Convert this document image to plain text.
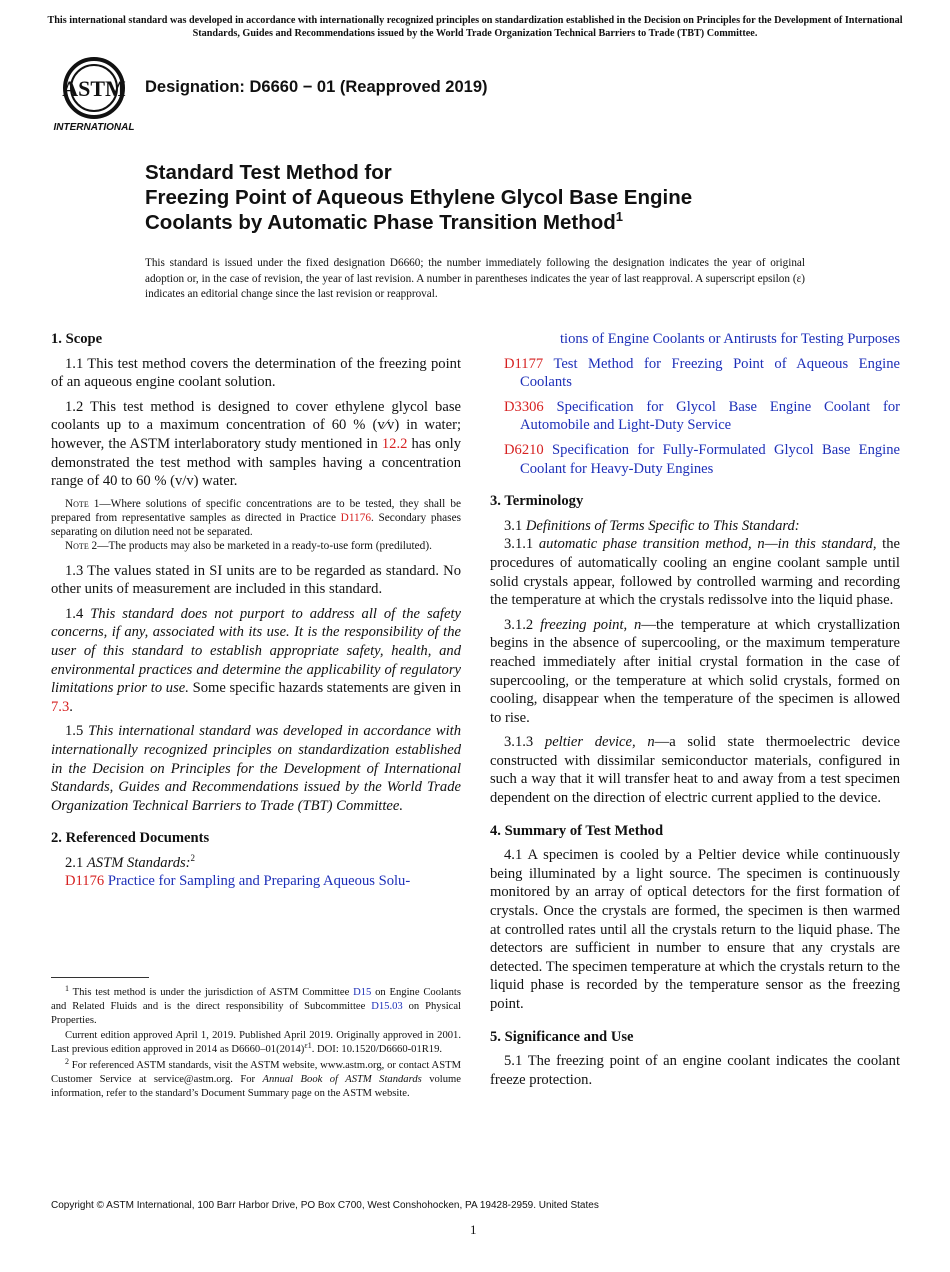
This international standard was developed in accordance with internationally recognized principles on standardization established in the Decision on Principles for the Development of International Standards, Guides and Recommendations issued by the World Trade Organization Technical Barriers to Trade (TBT) Committee.
ASTM
INTERNATIONAL
Designation: D6660 − 01 (Reapproved 2019)
Standard Test Method for
Freezing Point of Aqueous Ethylene Glycol Base Engine
Coolants by Automatic Phase Transition Method$^1$
This standard is issued under the fixed designation D6660; the number immediately following the designation indicates the year of original adoption or, in the case of revision, the year of last revision. A number in parentheses indicates the year of last reapproval. A superscript epsilon (ε) indicates an editorial change since the last revision or reapproval.
1. Scope

1.1 This test method covers the determination of the freezing point of an aqueous engine coolant solution.

1.2 This test method is designed to cover ethylene glycol base coolants up to a maximum concentration of 60 % (v⁄v) in water; however, the ASTM interlaboratory study mentioned in 12.2 has only demonstrated the test method with samples having a concentration range of 40 to 60 % (v/v) water.

Note 1—Where solutions of specific concentrations are to be tested, they shall be prepared from representative samples as directed in Practice D1176. Secondary phases separating on dilution need not be separated.

Note 2—The products may also be marketed in a ready-to-use form (prediluted).

1.3 The values stated in SI units are to be regarded as standard. No other units of measurement are included in this standard.

1.4 This standard does not purport to address all of the safety concerns, if any, associated with its use. It is the responsibility of the user of this standard to establish appropriate safety, health, and environmental practices and determine the applicability of regulatory limitations prior to use. Some specific hazards statements are given in 7.3.

1.5 This international standard was developed in accordance with internationally recognized principles on standardization established in the Decision on Principles for the Development of International Standards, Guides and Recommendations issued by the World Trade Organization Technical Barriers to Trade (TBT) Committee.

2. Referenced Documents

2.1 ASTM Standards:$^2$

D1176 Practice for Sampling and Preparing Aqueous Solu-

tions of Engine Coolants or Antirusts for Testing Purposes

D1177 Test Method for Freezing Point of Aqueous Engine Coolants

D3306 Specification for Glycol Base Engine Coolant for Automobile and Light-Duty Service

D6210 Specification for Fully-Formulated Glycol Base Engine Coolant for Heavy-Duty Engines

3. Terminology

3.1 Definitions of Terms Specific to This Standard:

3.1.1 automatic phase transition method, n—in this standard, the procedures of automatically cooling an engine coolant sample until solid crystals appear, followed by controlled warming and recording the temperature at which the crystals redissolve into the liquid phase.

3.1.2 freezing point, n—the temperature at which crystallization begins in the absence of supercooling, or the maximum temperature reached immediately after initial crystal formation in the case of supercooling, or the temperature at which solid crystals, formed on cooling, disappear when the temperature of the specimen is allowed to rise.

3.1.3 peltier device, n—a solid state thermoelectric device constructed with dissimilar semiconductor materials, configured in such a way that it will transfer heat to and away from a test specimen dependent on the direction of electric current applied to the device.

4. Summary of Test Method

4.1 A specimen is cooled by a Peltier device while continuously being illuminated by a light source. The specimen is continuously monitored by an array of optical detectors for the first formation of crystals. Once the crystals are formed, the specimen is then warmed at controlled rates until all the crystals return to the liquid phase. The detectors are sufficient in number to ensure that any crystals are detected. The specimen temperature at which the crystals return to the liquid phase is recorded by the temperature sensor as the freezing point.

5. Significance and Use

5.1 The freezing point of an engine coolant indicates the coolant freeze protection.

$^1$ This test method is under the jurisdiction of ASTM Committee D15 on Engine Coolants and Related Fluids and is the direct responsibility of Subcommittee D15.03 on Physical Properties.

Current edition approved April 1, 2019. Published April 2019. Originally approved in 2001. Last previous edition approved in 2014 as $D6660-01(2014)^{\varepsilon 1}$. DOI: 10.1520/D6660-01R19.

$^2$ For referenced ASTM standards, visit the ASTM website, www.astm.org, or contact ASTM Customer Service at service@astm.org. For Annual Book of ASTM Standards volume information, refer to the standard’s Document Summary page on the ASTM website.

Copyright © ASTM International, 100 Barr Harbor Drive, PO Box C700, West Conshohocken, PA 19428-2959. United States
1
